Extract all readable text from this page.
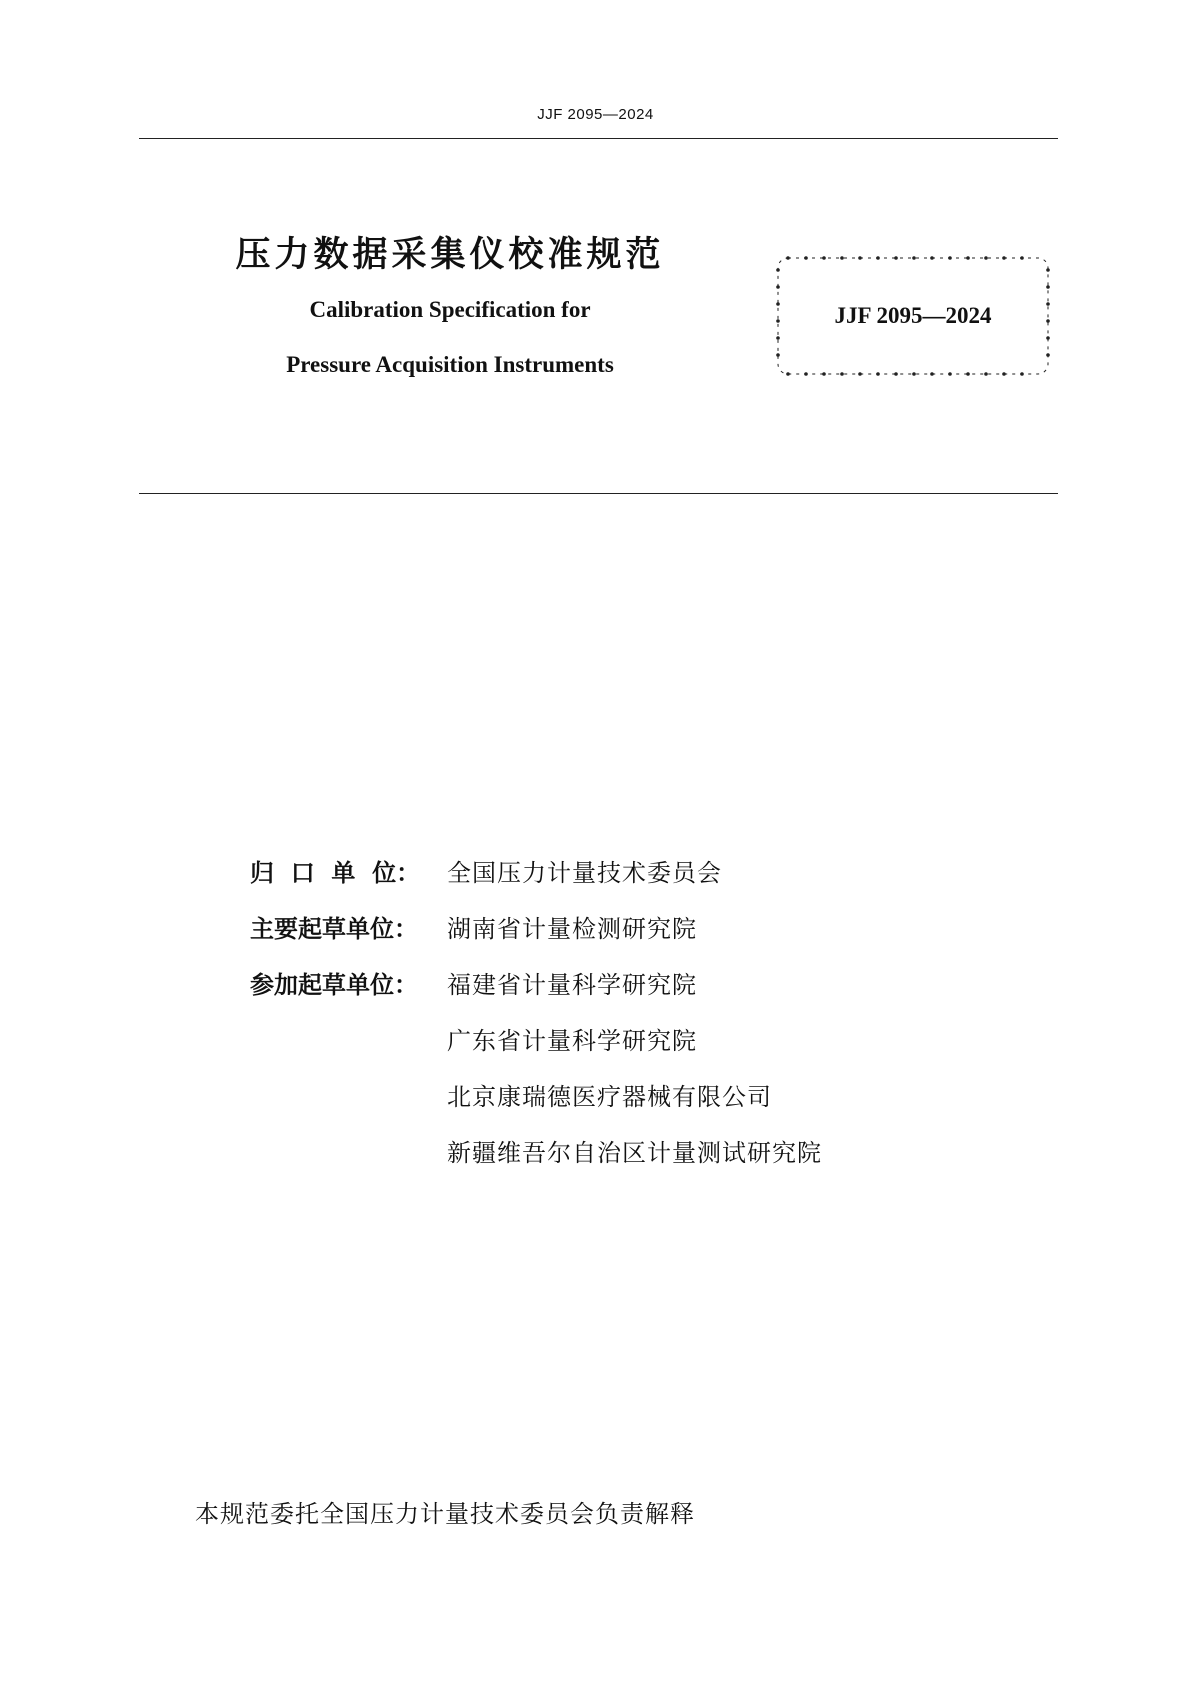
JJF 2095—2024
压力数据采集仪校准规范
Calibration Specification for
Pressure Acquisition Instruments
JJF 2095—2024
归  口  单  位：	全国压力计量技术委员会
主要起草单位：	湖南省计量检测研究院
参加起草单位：	福建省计量科学研究院
广东省计量科学研究院
北京康瑞德医疗器械有限公司
新疆维吾尔自治区计量测试研究院
本规范委托全国压力计量技术委员会负责解释
